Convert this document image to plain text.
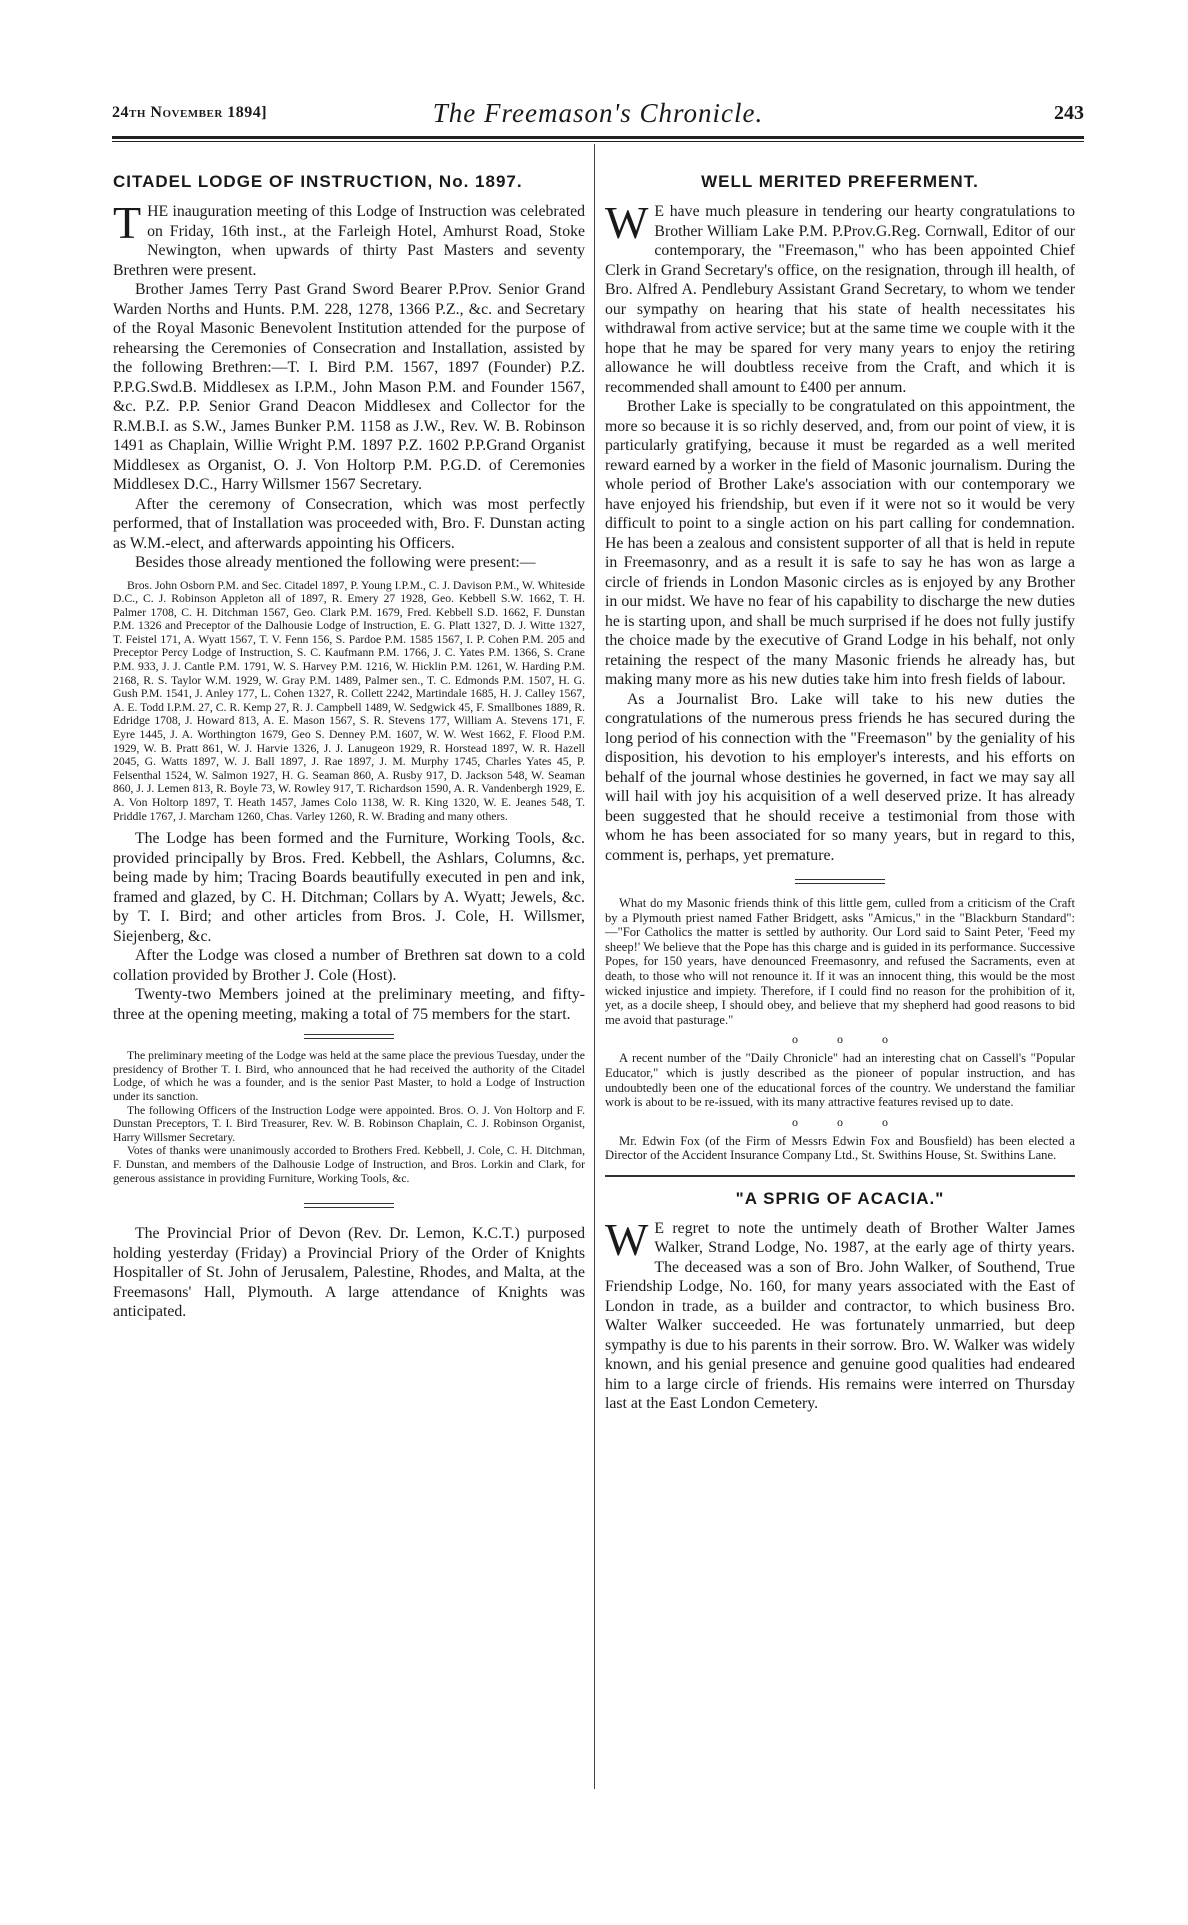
24th November 1894]	The Freemason's Chronicle.	243
CITADEL LODGE OF INSTRUCTION, No. 1897.

THE inauguration meeting of this Lodge of Instruction was celebrated on Friday, 16th inst., at the Farleigh Hotel, Amhurst Road, Stoke Newington, when upwards of thirty Past Masters and seventy Brethren were present.

Brother James Terry Past Grand Sword Bearer P.Prov. Senior Grand Warden Norths and Hunts. P.M. 228, 1278, 1366 P.Z., &c. and Secretary of the Royal Masonic Benevolent Institution attended for the purpose of rehearsing the Ceremonies of Consecration and Installation, assisted by the following Brethren:—T. I. Bird P.M. 1567, 1897 (Founder) P.Z. P.P.G.Swd.B. Middlesex as I.P.M., John Mason P.M. and Founder 1567, &c. P.Z. P.P. Senior Grand Deacon Middlesex and Collector for the R.M.B.I. as S.W., James Bunker P.M. 1158 as J.W., Rev. W. B. Robinson 1491 as Chaplain, Willie Wright P.M. 1897 P.Z. 1602 P.P.Grand Organist Middlesex as Organist, O. J. Von Holtorp P.M. P.G.D. of Ceremonies Middlesex D.C., Harry Willsmer 1567 Secretary.

After the ceremony of Consecration, which was most perfectly performed, that of Installation was proceeded with, Bro. F. Dunstan acting as W.M.-elect, and afterwards appointing his Officers.

Besides those already mentioned the following were present:—

Bros. John Osborn P.M. and Sec. Citadel 1897, P. Young I.P.M., C. J. Davison P.M., W. Whiteside D.C., C. J. Robinson Appleton all of 1897, R. Emery 27 1928, Geo. Kebbell S.W. 1662, T. H. Palmer 1708, C. H. Ditchman 1567, Geo. Clark P.M. 1679, Fred. Kebbell S.D. 1662, F. Dunstan P.M. 1326 and Preceptor of the Dalhousie Lodge of Instruction, E. G. Platt 1327, D. J. Witte 1327, T. Feistel 171, A. Wyatt 1567, T. V. Fenn 156, S. Pardoe P.M. 1585 1567, I. P. Cohen P.M. 205 and Preceptor Percy Lodge of Instruction, S. C. Kaufmann P.M. 1766, J. C. Yates P.M. 1366, S. Crane P.M. 933, J. J. Cantle P.M. 1791, W. S. Harvey P.M. 1216, W. Hicklin P.M. 1261, W. Harding P.M. 2168, R. S. Taylor W.M. 1929, W. Gray P.M. 1489, Palmer sen., T. C. Edmonds P.M. 1507, H. G. Gush P.M. 1541, J. Anley 177, L. Cohen 1327, R. Collett 2242, Martindale 1685, H. J. Calley 1567, A. E. Todd I.P.M. 27, C. R. Kemp 27, R. J. Campbell 1489, W. Sedgwick 45, F. Smallbones 1889, R. Edridge 1708, J. Howard 813, A. E. Mason 1567, S. R. Stevens 177, William A. Stevens 171, F. Eyre 1445, J. A. Worthington 1679, Geo S. Denney P.M. 1607, W. W. West 1662, F. Flood P.M. 1929, W. B. Pratt 861, W. J. Harvie 1326, J. J. Lanugeon 1929, R. Horstead 1897, W. R. Hazell 2045, G. Watts 1897, W. J. Ball 1897, J. Rae 1897, J. M. Murphy 1745, Charles Yates 45, P. Felsenthal 1524, W. Salmon 1927, H. G. Seaman 860, A. Rusby 917, D. Jackson 548, W. Seaman 860, J. J. Lemen 813, R. Boyle 73, W. Rowley 917, T. Richardson 1590, A. R. Vandenbergh 1929, E. A. Von Holtorp 1897, T. Heath 1457, James Colo 1138, W. R. King 1320, W. E. Jeanes 548, T. Priddle 1767, J. Marcham 1260, Chas. Varley 1260, R. W. Brading and many others.

The Lodge has been formed and the Furniture, Working Tools, &c. provided principally by Bros. Fred. Kebbell, the Ashlars, Columns, &c. being made by him; Tracing Boards beautifully executed in pen and ink, framed and glazed, by C. H. Ditchman; Collars by A. Wyatt; Jewels, &c. by T. I. Bird; and other articles from Bros. J. Cole, H. Willsmer, Siejenberg, &c.

After the Lodge was closed a number of Brethren sat down to a cold collation provided by Brother J. Cole (Host).

Twenty-two Members joined at the preliminary meeting, and fifty-three at the opening meeting, making a total of 75 members for the start.

The preliminary meeting of the Lodge was held at the same place the previous Tuesday, under the presidency of Brother T. I. Bird, who announced that he had received the authority of the Citadel Lodge, of which he was a founder, and is the senior Past Master, to hold a Lodge of Instruction under its sanction.

The following Officers of the Instruction Lodge were appointed. Bros. O. J. Von Holtorp and F. Dunstan Preceptors, T. I. Bird Treasurer, Rev. W. B. Robinson Chaplain, C. J. Robinson Organist, Harry Willsmer Secretary.

Votes of thanks were unanimously accorded to Brothers Fred. Kebbell, J. Cole, C. H. Ditchman, F. Dunstan, and members of the Dalhousie Lodge of Instruction, and Bros. Lorkin and Clark, for generous assistance in providing Furniture, Working Tools, &c.

The Provincial Prior of Devon (Rev. Dr. Lemon, K.C.T.) purposed holding yesterday (Friday) a Provincial Priory of the Order of Knights Hospitaller of St. John of Jerusalem, Palestine, Rhodes, and Malta, at the Freemasons' Hall, Plymouth. A large attendance of Knights was anticipated.

WELL MERITED PREFERMENT.

W E have much pleasure in tendering our hearty congratulations to Brother William Lake P.M. P.Prov.G.Reg. Cornwall, Editor of our contemporary, the "Freemason," who has been appointed Chief Clerk in Grand Secretary's office, on the resignation, through ill health, of Bro. Alfred A. Pendlebury Assistant Grand Secretary, to whom we tender our sympathy on hearing that his state of health necessitates his withdrawal from active service; but at the same time we couple with it the hope that he may be spared for very many years to enjoy the retiring allowance he will doubtless receive from the Craft, and which it is recommended shall amount to £400 per annum.

Brother Lake is specially to be congratulated on this appointment, the more so because it is so richly deserved, and, from our point of view, it is particularly gratifying, because it must be regarded as a well merited reward earned by a worker in the field of Masonic journalism. During the whole period of Brother Lake's association with our contemporary we have enjoyed his friendship, but even if it were not so it would be very difficult to point to a single action on his part calling for condemnation. He has been a zealous and consistent supporter of all that is held in repute in Freemasonry, and as a result it is safe to say he has won as large a circle of friends in London Masonic circles as is enjoyed by any Brother in our midst. We have no fear of his capability to discharge the new duties he is starting upon, and shall be much surprised if he does not fully justify the choice made by the executive of Grand Lodge in his behalf, not only retaining the respect of the many Masonic friends he already has, but making many more as his new duties take him into fresh fields of labour.

As a Journalist Bro. Lake will take to his new duties the congratulations of the numerous press friends he has secured during the long period of his connection with the "Freemason" by the geniality of his disposition, his devotion to his employer's interests, and his efforts on behalf of the journal whose destinies he governed, in fact we may say all will hail with joy his acquisition of a well deserved prize. It has already been suggested that he should receive a testimonial from those with whom he has been associated for so many years, but in regard to this, comment is, perhaps, yet premature.

What do my Masonic friends think of this little gem, culled from a criticism of the Craft by a Plymouth priest named Father Bridgett, asks "Amicus," in the "Blackburn Standard":—"For Catholics the matter is settled by authority. Our Lord said to Saint Peter, 'Feed my sheep!' We believe that the Pope has this charge and is guided in its performance. Successive Popes, for 150 years, have denounced Freemasonry, and refused the Sacraments, even at death, to those who will not renounce it. If it was an innocent thing, this would be the most wicked injustice and impiety. Therefore, if I could find no reason for the prohibition of it, yet, as a docile sheep, I should obey, and believe that my shepherd had good reasons to bid me avoid that pasturage."

o o o

A recent number of the "Daily Chronicle" had an interesting chat on Cassell's "Popular Educator," which is justly described as the pioneer of popular instruction, and has undoubtedly been one of the educational forces of the country. We understand the familiar work is about to be re-issued, with its many attractive features revised up to date.

o o o

Mr. Edwin Fox (of the Firm of Messrs Edwin Fox and Bousfield) has been elected a Director of the Accident Insurance Company Ltd., St. Swithins House, St. Swithins Lane.

"A SPRIG OF ACACIA."

W E regret to note the untimely death of Brother Walter James Walker, Strand Lodge, No. 1987, at the early age of thirty years. The deceased was a son of Bro. John Walker, of Southend, True Friendship Lodge, No. 160, for many years associated with the East of London in trade, as a builder and contractor, to which business Bro. Walter Walker succeeded. He was fortunately unmarried, but deep sympathy is due to his parents in their sorrow. Bro. W. Walker was widely known, and his genial presence and genuine good qualities had endeared him to a large circle of friends. His remains were interred on Thursday last at the East London Cemetery.
